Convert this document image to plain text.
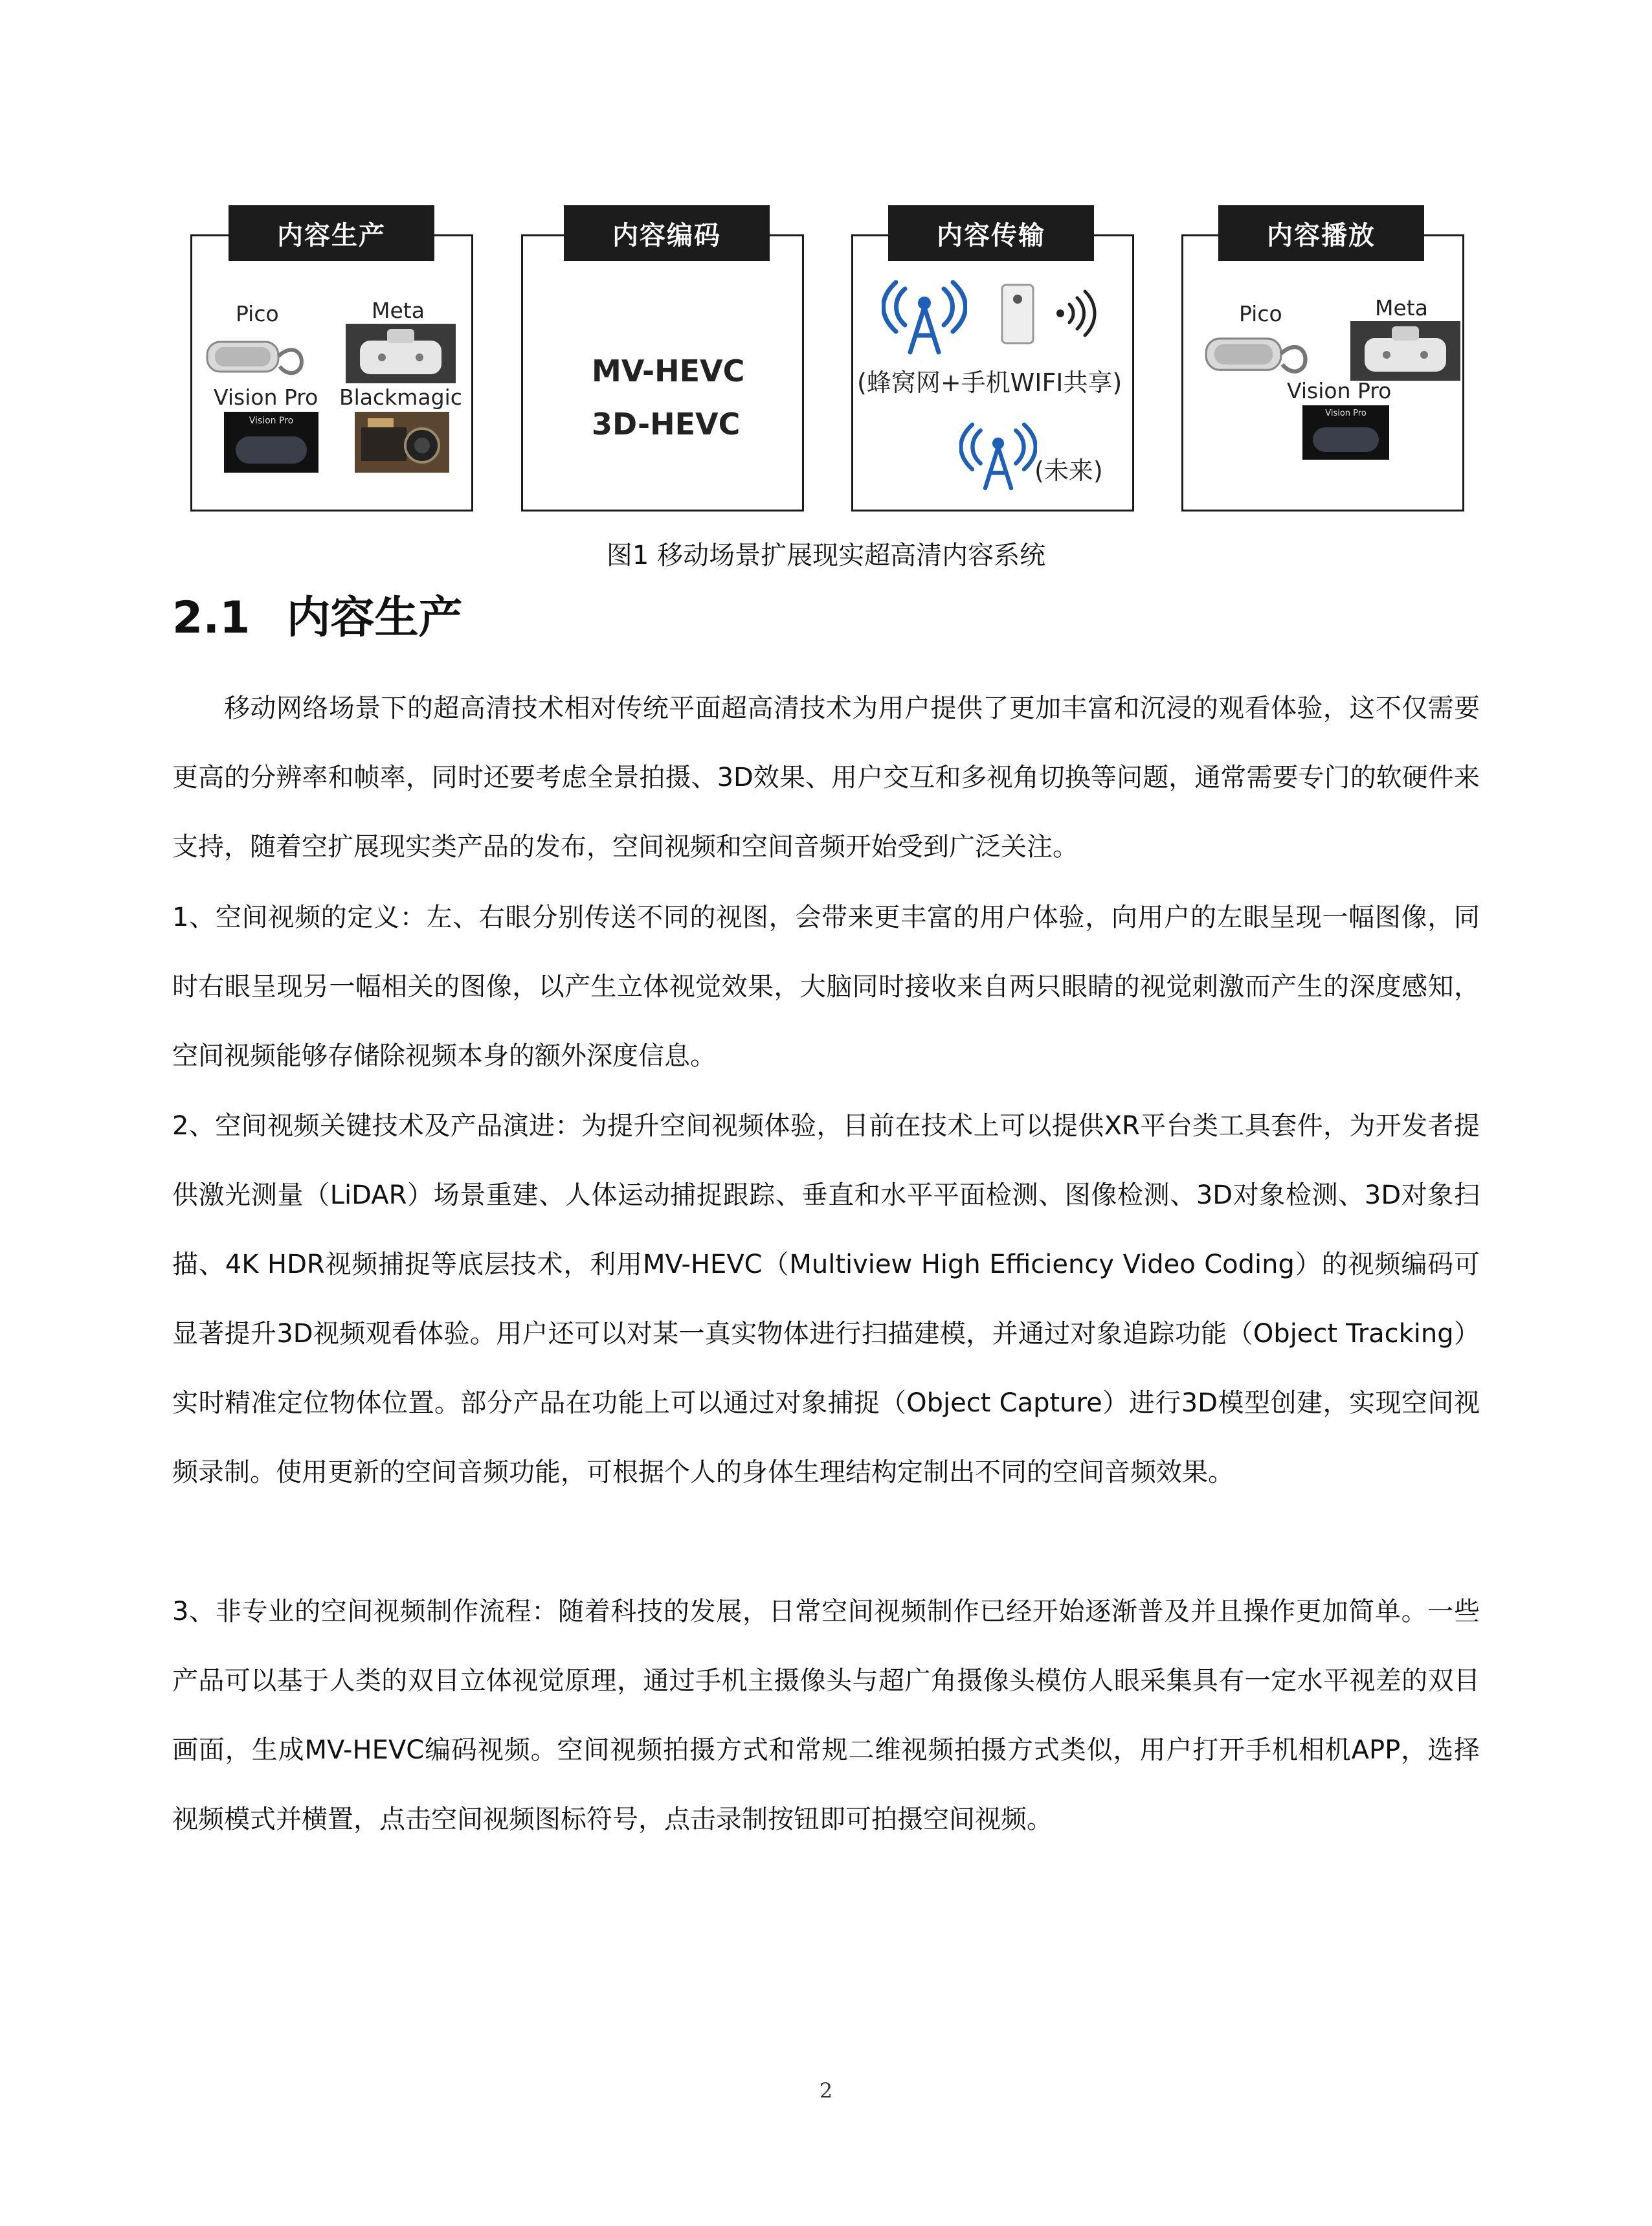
内容生产
Pico	Meta
Vision Pro
Vision Pro
Blackmagic
内容编码
MV-HEVC
3D-HEVC
内容传输
(蜂窝网+手机WIFI共享)
(未来)
内容播放
Pico	Meta
Vision Pro
Vision Pro
图1 移动场景扩展现实超高清内容系统
2.1 内容生产

移动网络场景下的超高清技术相对传统平面超高清技术为用户提供了更加丰富和沉浸的观看体验，这不仅需要更高的分辨率和帧率，同时还要考虑全景拍摄、3D效果、用户交互和多视角切换等问题，通常需要专门的软硬件来支持，随着空扩展现实类产品的发布，空间视频和空间音频开始受到广泛关注。

1、空间视频的定义：左、右眼分别传送不同的视图，会带来更丰富的用户体验，向用户的左眼呈现一幅图像，同时右眼呈现另一幅相关的图像，以产生立体视觉效果，大脑同时接收来自两只眼睛的视觉刺激而产生的深度感知，空间视频能够存储除视频本身的额外深度信息。

2、空间视频关键技术及产品演进：为提升空间视频体验，目前在技术上可以提供XR平台类工具套件，为开发者提供激光测量（LiDAR）场景重建、人体运动捕捉跟踪、垂直和水平平面检测、图像检测、3D对象检测、3D对象扫描、4K HDR视频捕捉等底层技术，利用MV-HEVC（Multiview High Efficiency Video Coding）的视频编码可显著提升3D视频观看体验。用户还可以对某一真实物体进行扫描建模，并通过对象追踪功能（Object Tracking）实时精准定位物体位置。部分产品在功能上可以通过对象捕捉（Object Capture）进行3D模型创建，实现空间视频录制。使用更新的空间音频功能，可根据个人的身体生理结构定制出不同的空间音频效果。

3、非专业的空间视频制作流程：随着科技的发展，日常空间视频制作已经开始逐渐普及并且操作更加简单。一些产品可以基于人类的双目立体视觉原理，通过手机主摄像头与超广角摄像头模仿人眼采集具有一定水平视差的双目画面，生成MV-HEVC编码视频。空间视频拍摄方式和常规二维视频拍摄方式类似，用户打开手机相机APP，选择视频模式并横置，点击空间视频图标符号，点击录制按钮即可拍摄空间视频。

2
